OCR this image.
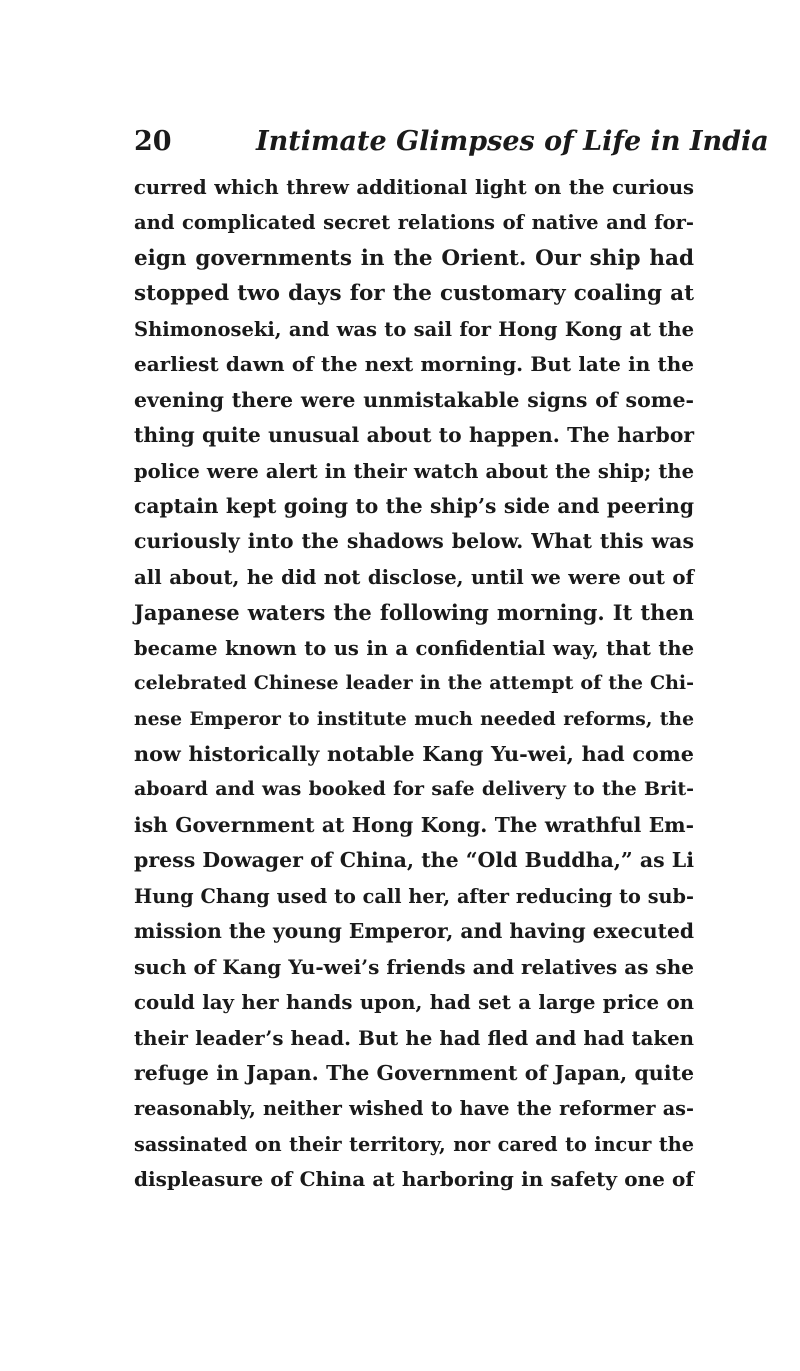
20	Intimate Glimpses of Life in India
curred which threw additional light on the curious
and complicated secret relations of native and for-
eign governments in the Orient. Our ship had
stopped two days for the customary coaling at
Shimonoseki, and was to sail for Hong Kong at the
earliest dawn of the next morning. But late in the
evening there were unmistakable signs of some-
thing quite unusual about to happen. The harbor
police were alert in their watch about the ship; the
captain kept going to the ship’s side and peering
curiously into the shadows below. What this was
all about, he did not disclose, until we were out of
Japanese waters the following morning. It then
became known to us in a confidential way, that the
celebrated Chinese leader in the attempt of the Chi-
nese Emperor to institute much needed reforms, the
now historically notable Kang Yu-wei, had come
aboard and was booked for safe delivery to the Brit-
ish Government at Hong Kong. The wrathful Em-
press Dowager of China, the “Old Buddha,” as Li
Hung Chang used to call her, after reducing to sub-
mission the young Emperor, and having executed
such of Kang Yu-wei’s friends and relatives as she
could lay her hands upon, had set a large price on
their leader’s head. But he had fled and had taken
refuge in Japan. The Government of Japan, quite
reasonably, neither wished to have the reformer as-
sassinated on their territory, nor cared to incur the
displeasure of China at harboring in safety one of
